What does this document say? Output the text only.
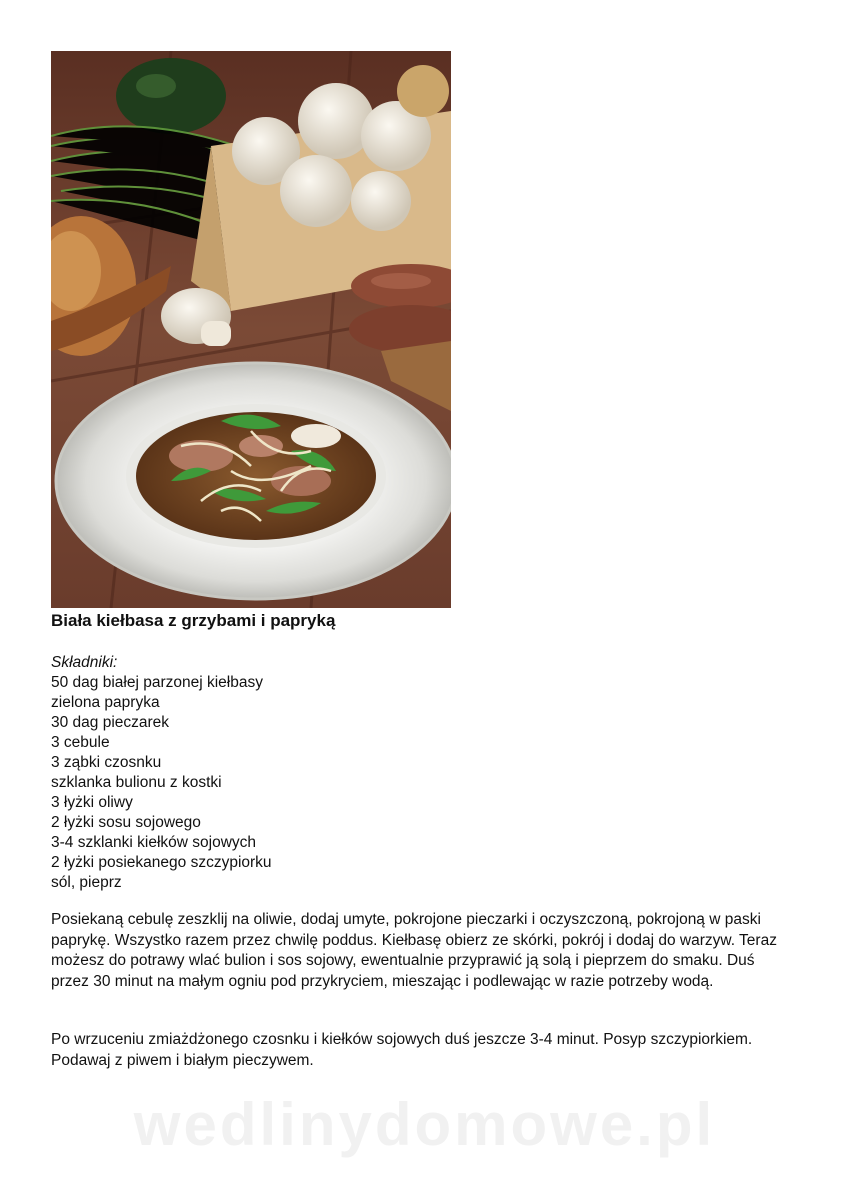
Biała kiełbasa z grzybami i papryką
Składniki:
50 dag białej parzonej kiełbasy
zielona papryka
30 dag pieczarek
3 cebule
3 ząbki czosnku
szklanka bulionu z kostki
3 łyżki oliwy
2 łyżki sosu sojowego
3-4 szklanki kiełków sojowych
2 łyżki posiekanego szczypiorku
sól, pieprz

Posiekaną cebulę zeszklij na oliwie, dodaj umyte, pokrojone pieczarki i oczyszczoną, pokrojoną w paski paprykę. Wszystko razem przez chwilę poddus. Kiełbasę obierz ze skórki, pokrój i dodaj do warzyw. Teraz możesz do potrawy wlać bulion i sos sojowy, ewentualnie przyprawić ją solą i pieprzem do smaku. Duś przez 30 minut na małym ogniu pod przykryciem, mieszając i podlewając w razie potrzeby wodą.

Po wrzuceniu zmiażdżonego czosnku i kiełków sojowych duś jeszcze 3-4 minut. Posyp szczypiorkiem. Podawaj z piwem i białym pieczywem.

wedlinydomowe.pl
